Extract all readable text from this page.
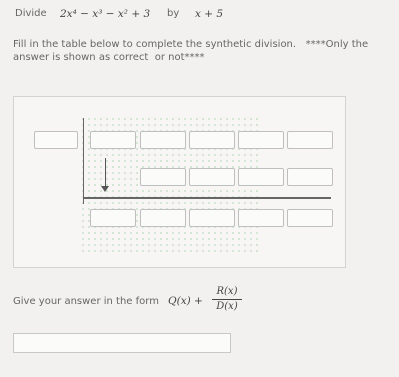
Divide 2x⁴ − x³ − x² + 3 by x + 5
Fill in the table below to complete the synthetic division.   ****Only the
answer is shown as correct  or not****
Give your answer in the form Q(x) +
R(x)
D(x)
